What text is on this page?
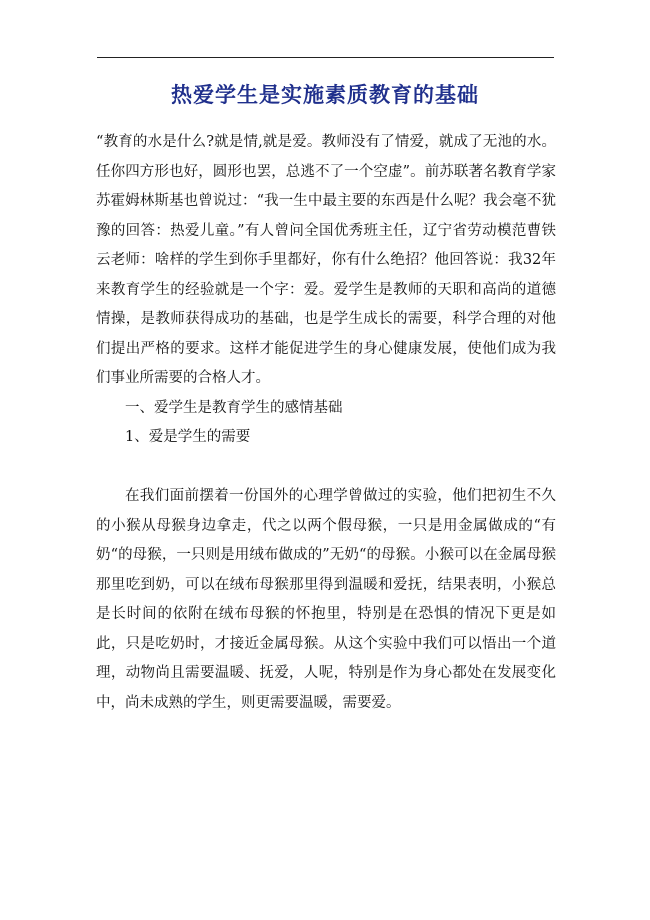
热爱学生是实施素质教育的基础

“教育的水是什么?就是情,就是爱。教师没有了情爱，就成了无池的水。任你四方形也好，圆形也罢，总逃不了一个空虚”。前苏联著名教育学家苏霍姆林斯基也曾说过：“我一生中最主要的东西是什么呢？我会毫不犹豫的回答：热爱儿童。”有人曾问全国优秀班主任，辽宁省劳动模范曹铁云老师：啥样的学生到你手里都好，你有什么绝招？他回答说：我32年来教育学生的经验就是一个字：爱。爱学生是教师的天职和高尚的道德情操，是教师获得成功的基础，也是学生成长的需要，科学合理的对他们提出严格的要求。这样才能促进学生的身心健康发展，使他们成为我们事业所需要的合格人才。

一、爱学生是教育学生的感情基础

1、爱是学生的需要

在我们面前摆着一份国外的心理学曾做过的实验，他们把初生不久的小猴从母猴身边拿走，代之以两个假母猴，一只是用金属做成的“有奶“的母猴，一只则是用绒布做成的”无奶“的母猴。小猴可以在金属母猴那里吃到奶，可以在绒布母猴那里得到温暖和爱抚，结果表明，小猴总是长时间的依附在绒布母猴的怀抱里，特别是在恐惧的情况下更是如此，只是吃奶时，才接近金属母猴。从这个实验中我们可以悟出一个道理，动物尚且需要温暖、抚爱，人呢，特别是作为身心都处在发展变化中，尚未成熟的学生，则更需要温暖，需要爱。
